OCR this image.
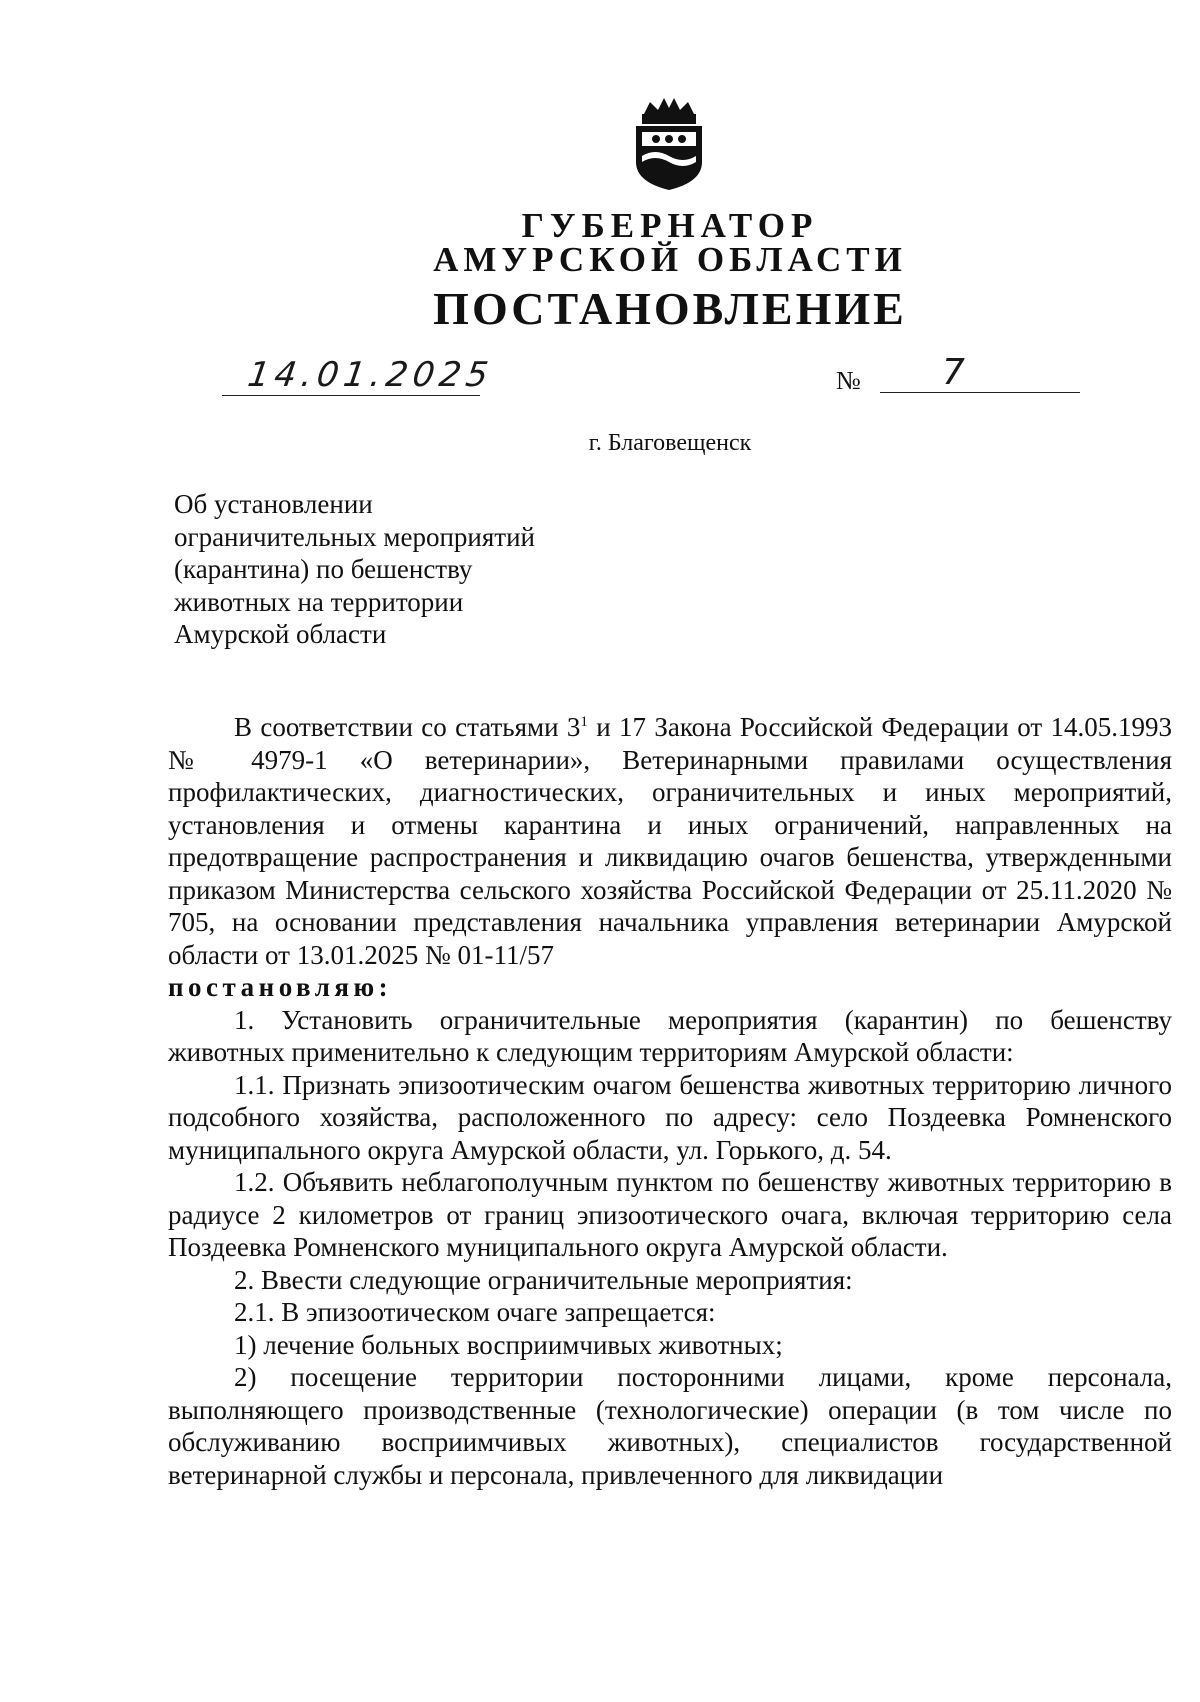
ГУБЕРНАТОР
АМУРСКОЙ ОБЛАСТИ
ПОСТАНОВЛЕНИЕ
14.01.2025	№ 7
г. Благовещенск
Об установлении
ограничительных мероприятий
(карантина) по бешенству
животных на территории
Амурской области

В соответствии со статьями $3^1$ и 17 Закона Российской Федерации от 14.05.1993 № 4979-1 «О ветеринарии», Ветеринарными правилами осуществления профилактических, диагностических, ограничительных и иных мероприятий, установления и отмены карантина и иных ограничений, направленных на предотвращение распространения и ликвидацию очагов бешенства, утвержденными приказом Министерства сельского хозяйства Российской Федерации от 25.11.2020 № 705, на основании представления начальника управления ветеринарии Амурской области от 13.01.2025 № 01-11/57

постановляю:

1. Установить ограничительные мероприятия (карантин) по бешенству животных применительно к следующим территориям Амурской области:

1.1. Признать эпизоотическим очагом бешенства животных территорию личного подсобного хозяйства, расположенного по адресу: село Поздеевка Ромненского муниципального округа Амурской области, ул. Горького, д. 54.

1.2. Объявить неблагополучным пунктом по бешенству животных территорию в радиусе 2 километров от границ эпизоотического очага, включая территорию села Поздеевка Ромненского муниципального округа Амурской области.

2. Ввести следующие ограничительные мероприятия:

2.1. В эпизоотическом очаге запрещается:

1) лечение больных восприимчивых животных;

2) посещение территории посторонними лицами, кроме персонала, выполняющего производственные (технологические) операции (в том числе по обслуживанию восприимчивых животных), специалистов государственной ветеринарной службы и персонала, привлеченного для ликвидации
